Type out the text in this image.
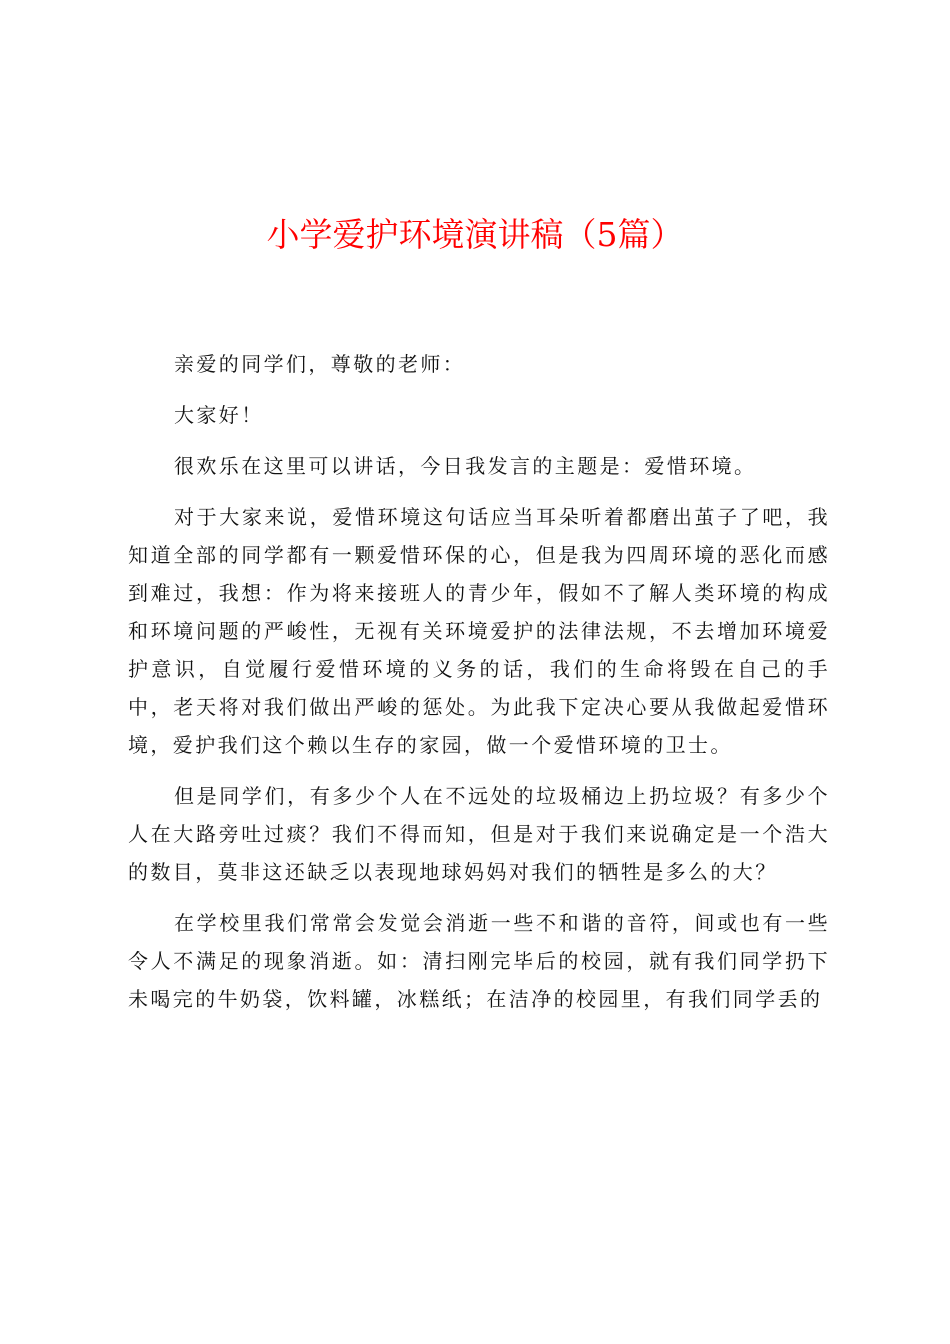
小学爱护环境演讲稿（5篇）

亲爱的同学们，尊敬的老师：

大家好！

很欢乐在这里可以讲话，今日我发言的主题是：爱惜环境。

对于大家来说，爱惜环境这句话应当耳朵听着都磨出茧子了吧，我知道全部的同学都有一颗爱惜环保的心，但是我为四周环境的恶化而感到难过，我想：作为将来接班人的青少年，假如不了解人类环境的构成和环境问题的严峻性，无视有关环境爱护的法律法规，不去增加环境爱护意识，自觉履行爱惜环境的义务的话，我们的生命将毁在自己的手中，老天将对我们做出严峻的惩处。为此我下定决心要从我做起爱惜环境，爱护我们这个赖以生存的家园，做一个爱惜环境的卫士。

但是同学们，有多少个人在不远处的垃圾桶边上扔垃圾？有多少个人在大路旁吐过痰？我们不得而知，但是对于我们来说确定是一个浩大的数目，莫非这还缺乏以表现地球妈妈对我们的牺牲是多么的大？

在学校里我们常常会发觉会消逝一些不和谐的音符，间或也有一些令人不满足的现象消逝。如：清扫刚完毕后的校园，就有我们同学扔下未喝完的牛奶袋，饮料罐，冰糕纸；在洁净的校园里，有我们同学丢的
